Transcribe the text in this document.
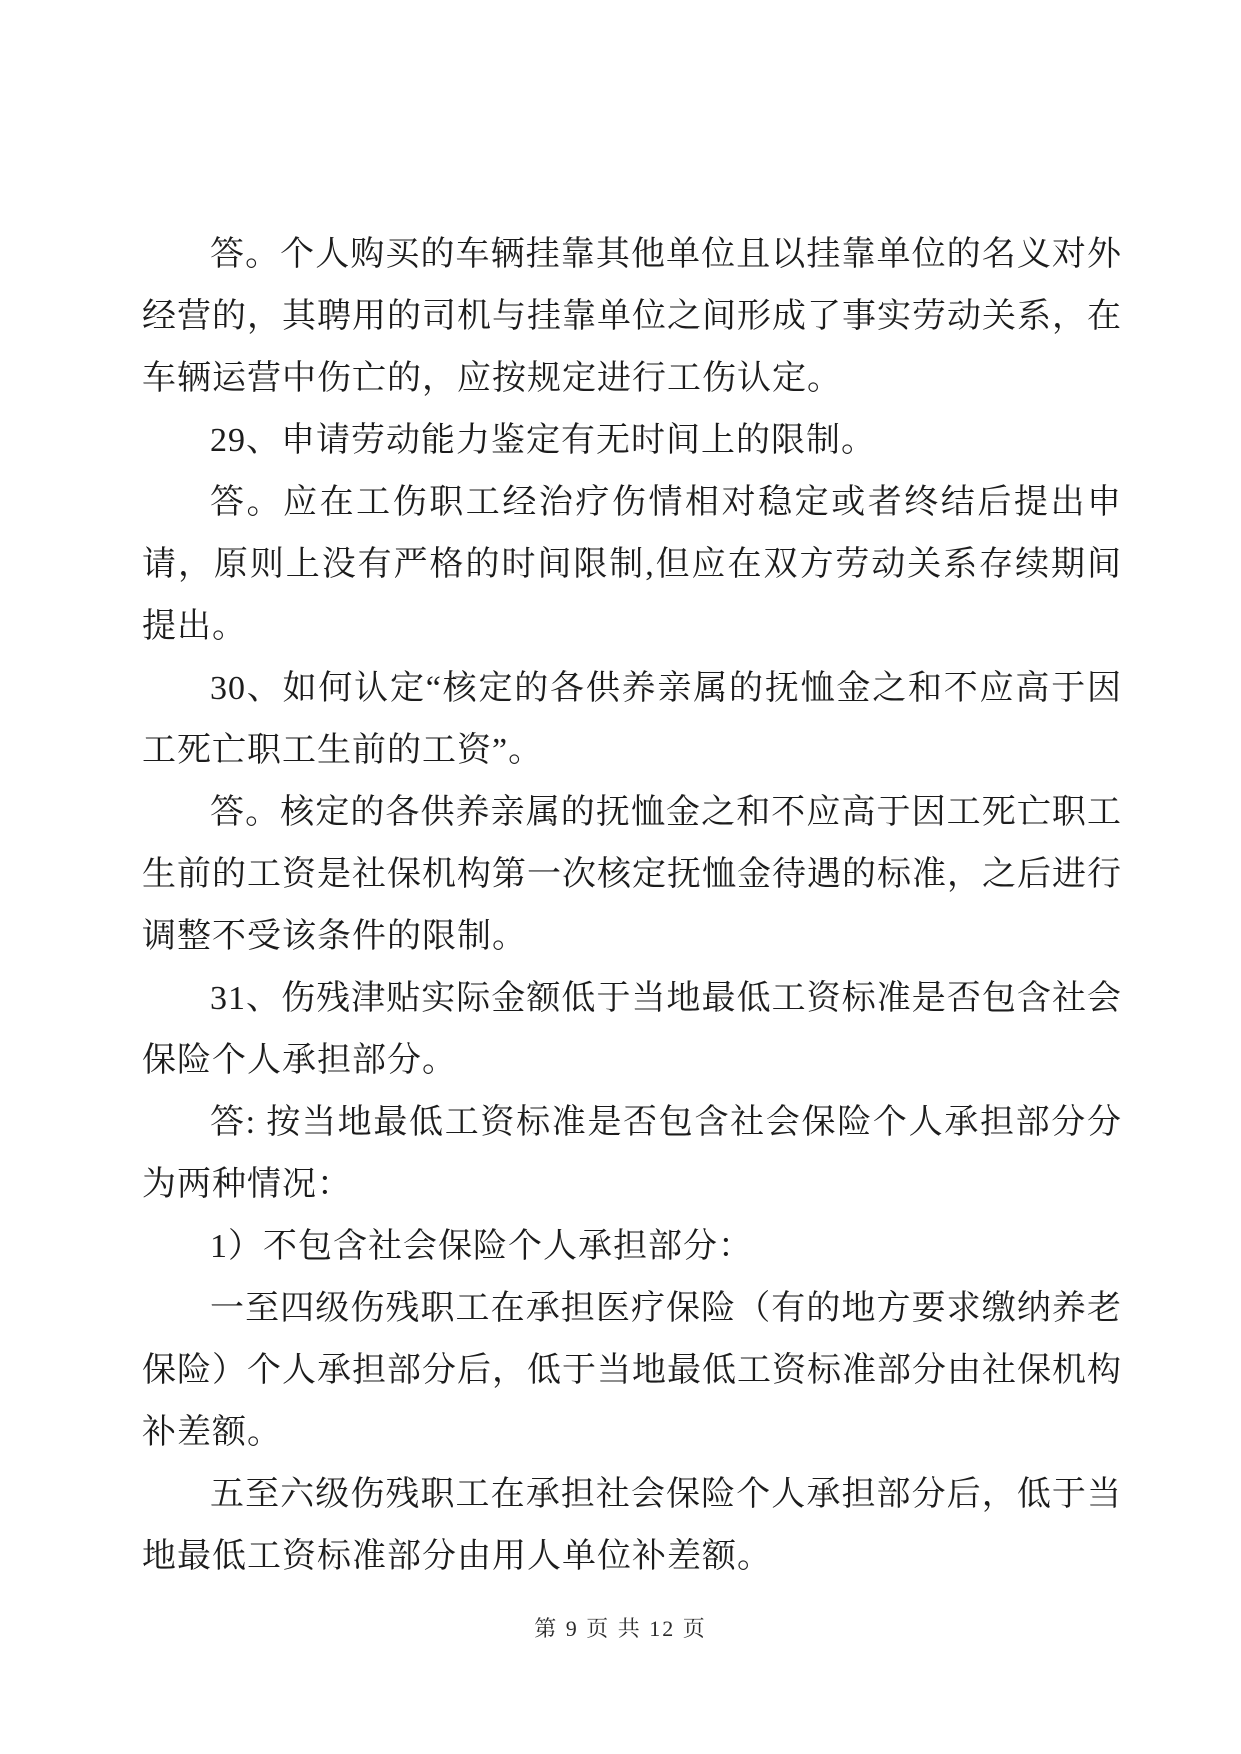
答。个人购买的车辆挂靠其他单位且以挂靠单位的名义对外经营的，其聘用的司机与挂靠单位之间形成了事实劳动关系，在车辆运营中伤亡的，应按规定进行工伤认定。

29、申请劳动能力鉴定有无时间上的限制。

答。应在工伤职工经治疗伤情相对稳定或者终结后提出申请，原则上没有严格的时间限制,但应在双方劳动关系存续期间提出。

30、如何认定“核定的各供养亲属的抚恤金之和不应高于因工死亡职工生前的工资”。

答。核定的各供养亲属的抚恤金之和不应高于因工死亡职工生前的工资是社保机构第一次核定抚恤金待遇的标准，之后进行调整不受该条件的限制。

31、伤残津贴实际金额低于当地最低工资标准是否包含社会保险个人承担部分。

答: 按当地最低工资标准是否包含社会保险个人承担部分分为两种情况：

1）不包含社会保险个人承担部分：

一至四级伤残职工在承担医疗保险（有的地方要求缴纳养老保险）个人承担部分后，低于当地最低工资标准部分由社保机构补差额。

五至六级伤残职工在承担社会保险个人承担部分后，低于当地最低工资标准部分由用人单位补差额。

第 9 页 共 12 页
